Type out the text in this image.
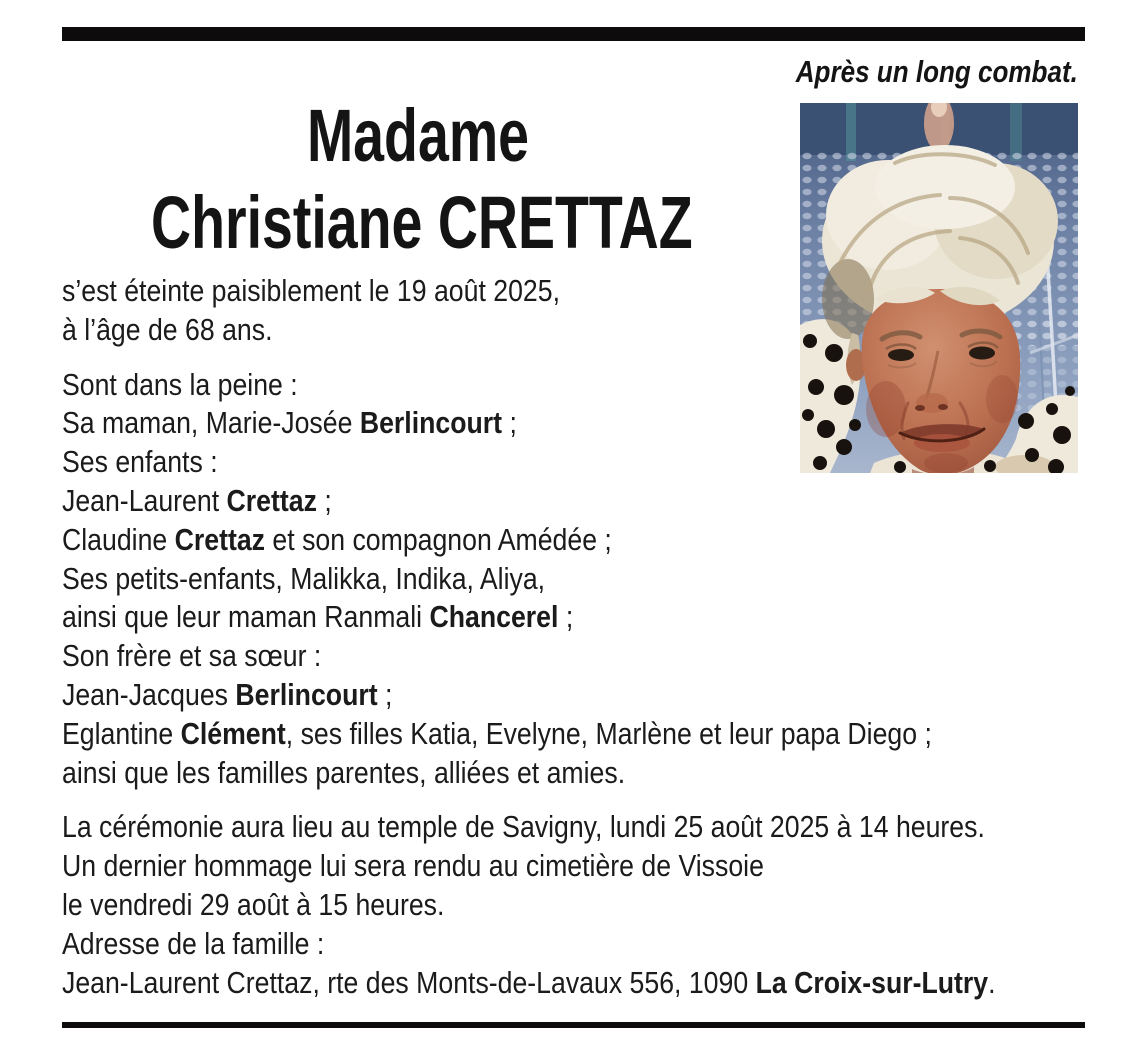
Après un long combat.
Madame
Christiane CRETTAZ

s’est éteinte paisiblement le 19 août 2025,
à l’âge de 68 ans.

Sont dans la peine :
Sa maman, Marie-Josée Berlincourt ;
Ses enfants :
Jean-Laurent Crettaz ;
Claudine Crettaz et son compagnon Amédée ;
Ses petits-enfants, Malikka, Indika, Aliya,
ainsi que leur maman Ranmali Chancerel ;
Son frère et sa sœur :
Jean-Jacques Berlincourt ;
Eglantine Clément, ses filles Katia, Evelyne, Marlène et leur papa Diego ;
ainsi que les familles parentes, alliées et amies.

La cérémonie aura lieu au temple de Savigny, lundi 25 août 2025 à 14 heures.
Un dernier hommage lui sera rendu au cimetière de Vissoie
le vendredi 29 août à 15 heures.
Adresse de la famille :
Jean-Laurent Crettaz, rte des Monts-de-Lavaux 556, 1090 La Croix-sur-Lutry.
